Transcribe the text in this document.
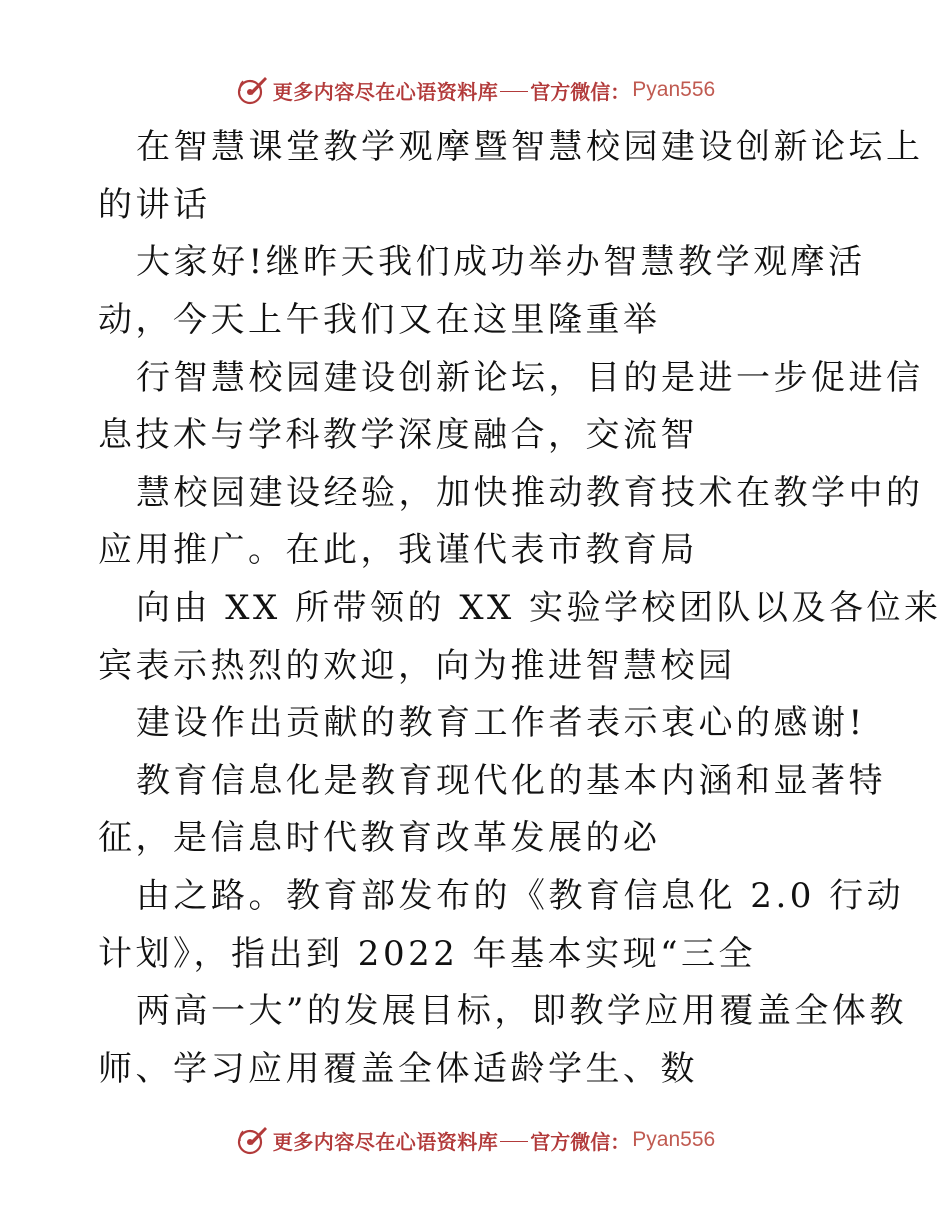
更多内容尽在心语资料库 官方微信： Pyan556
在智慧课堂教学观摩暨智慧校园建设创新论坛上
的讲话
大家好!继昨天我们成功举办智慧教学观摩活
动，今天上午我们又在这里隆重举
行智慧校园建设创新论坛，目的是进一步促进信
息技术与学科教学深度融合，交流智
慧校园建设经验，加快推动教育技术在教学中的
应用推广。在此，我谨代表市教育局
向由 XX 所带领的 XX 实验学校团队以及各位来
宾表示热烈的欢迎，向为推进智慧校园
建设作出贡献的教育工作者表示衷心的感谢!
教育信息化是教育现代化的基本内涵和显著特
征，是信息时代教育改革发展的必
由之路。教育部发布的《教育信息化 2.0 行动
计划》，指出到 2022 年基本实现“三全
两高一大”的发展目标，即教学应用覆盖全体教
师、学习应用覆盖全体适龄学生、数
更多内容尽在心语资料库 官方微信： Pyan556
